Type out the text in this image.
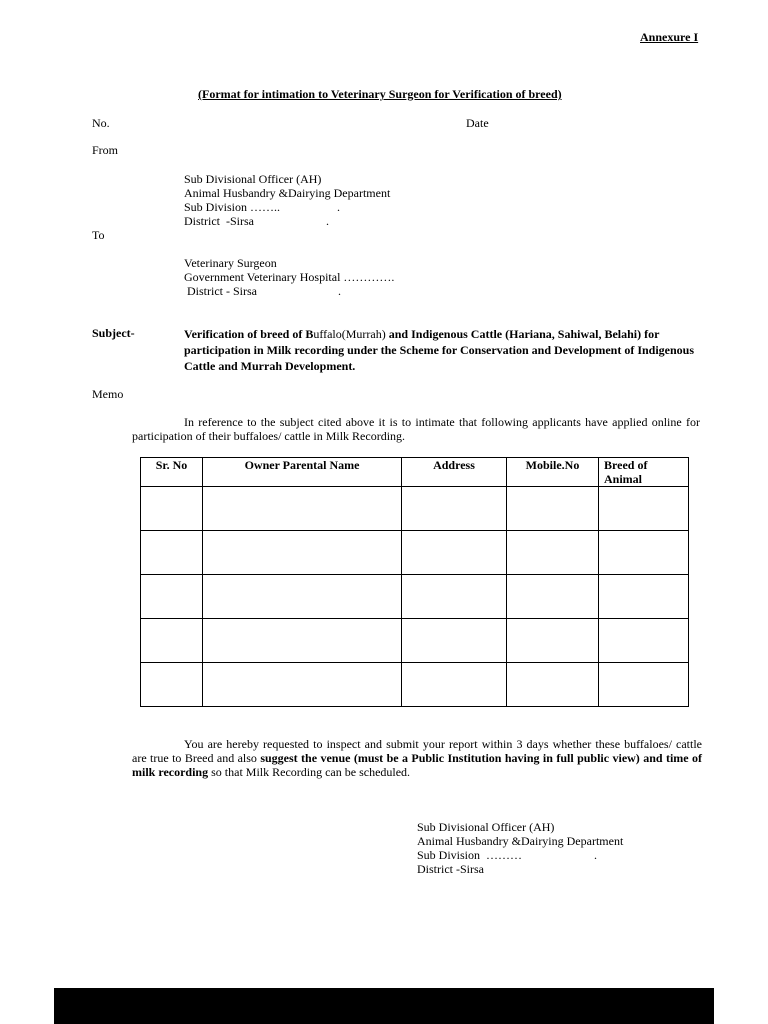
Annexure I
(Format for intimation to Veterinary Surgeon for Verification of breed)
No.	Date
From
Sub Divisional Officer (AH)
Animal Husbandry &Dairying Department
Sub Division ……..                   .
District  -Sirsa                        .
To
Veterinary Surgeon
Government Veterinary Hospital ………….
District - Sirsa                           .
Subject-	Verification of breed of Buffalo(Murrah) and Indigenous Cattle (Hariana, Sahiwal, Belahi) for participation in Milk recording under the Scheme for Conservation and Development of Indigenous Cattle and Murrah Development.
Memo
In reference to the subject cited above it is to intimate that following applicants have applied online for participation of their buffaloes/ cattle in Milk Recording.
Sr. No	Owner Parental Name	Address	Mobile.No	Breed of Animal

You are hereby requested to inspect and submit your report within 3 days whether these buffaloes/ cattle are true to Breed and also suggest the venue (must be a Public Institution having in full public view) and time of milk recording so that Milk Recording can be scheduled.
Sub Divisional Officer (AH)
Animal Husbandry &Dairying Department
Sub Division  ………                        .
District -Sirsa
